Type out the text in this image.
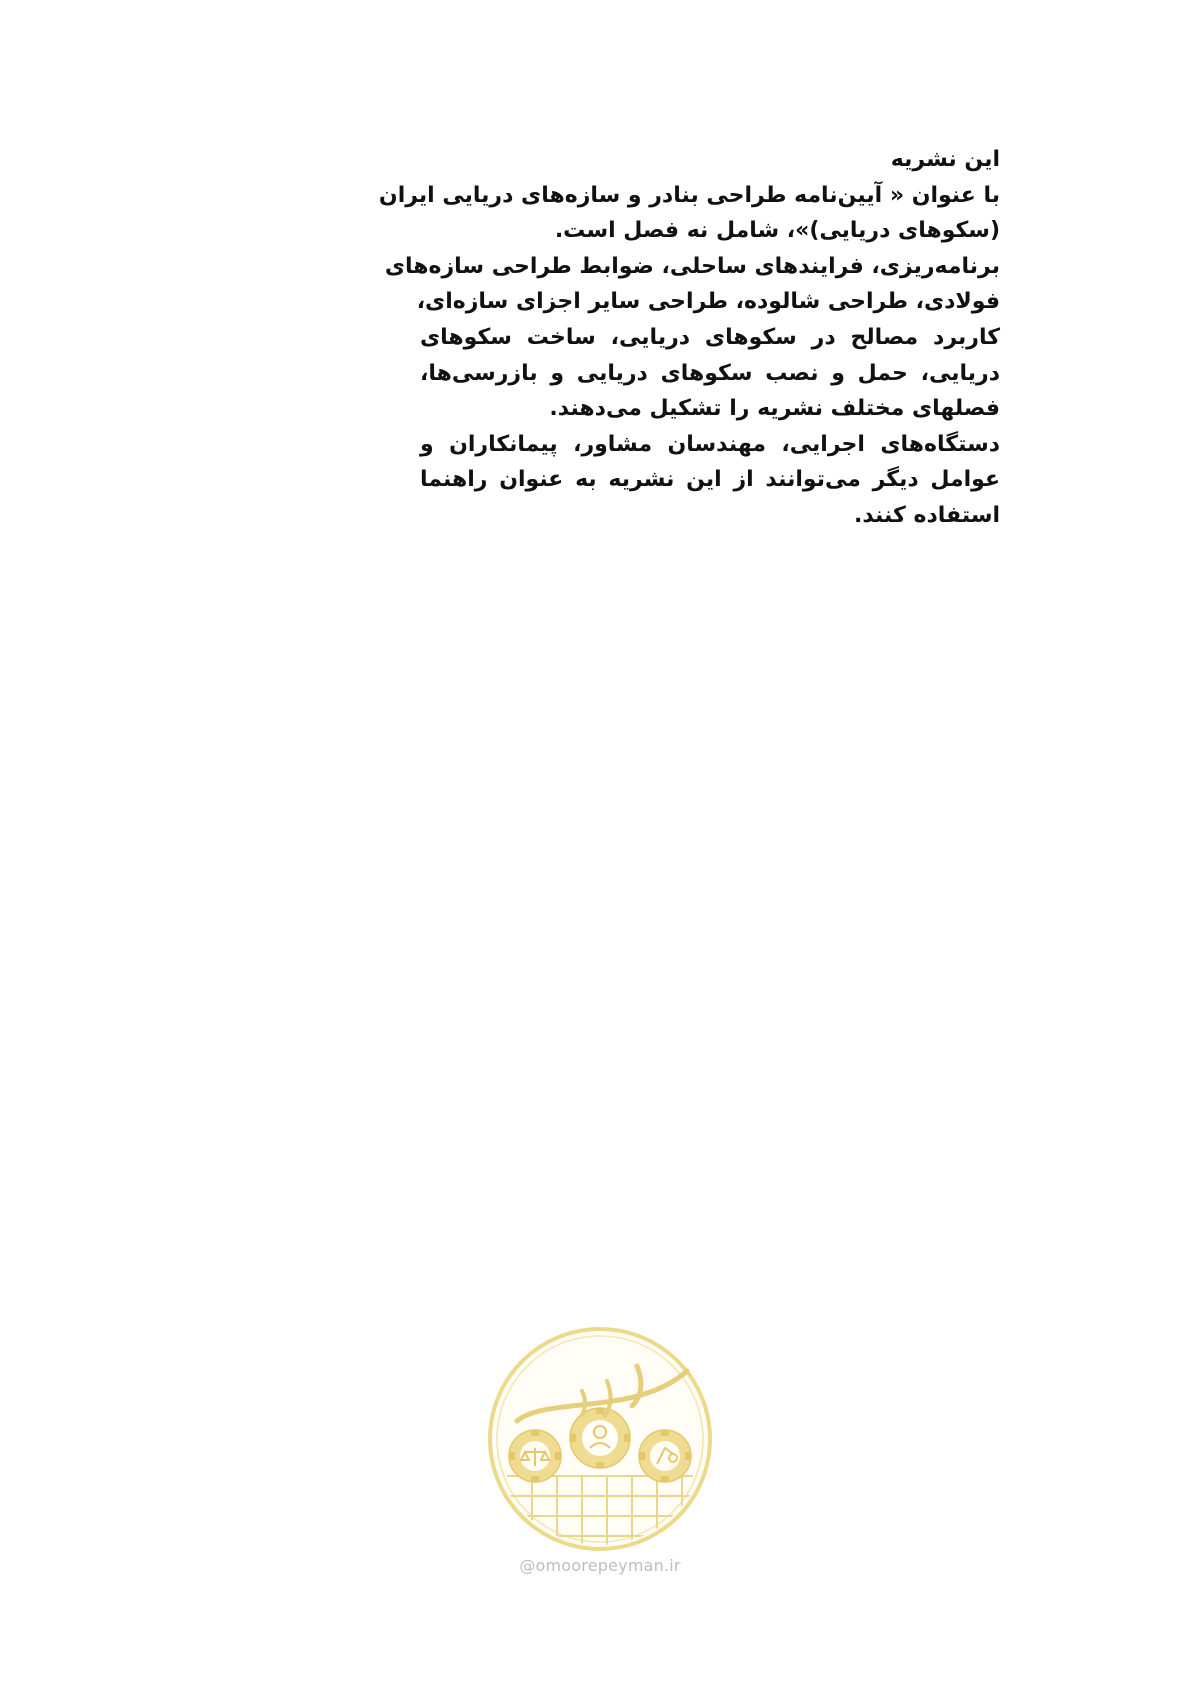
این نشریه
با عنوان « آیین‌نامه طراحی بنادر و سازه‌های دریایی ایران
(سکوهای دریایی)»، شامل نه فصل است.
برنامه‌ریزی، فرایندهای ساحلی، ضوابط طراحی سازه‌های
فولادی، طراحی شالوده، طراحی سایر اجزای سازه‌ای،
کاربرد مصالح در سکوهای دریایی، ساخت سکوهای
دریایی، حمل و نصب سکوهای دریایی و بازرسی‌ها،
فصلهای مختلف نشریه را تشکیل می‌دهند.
دستگاه‌های اجرایی، مهندسان مشاور، پیمانکاران و
عوامل دیگر می‌توانند از این نشریه به عنوان راهنما
استفاده کنند.
@omoorepeyman.ir
